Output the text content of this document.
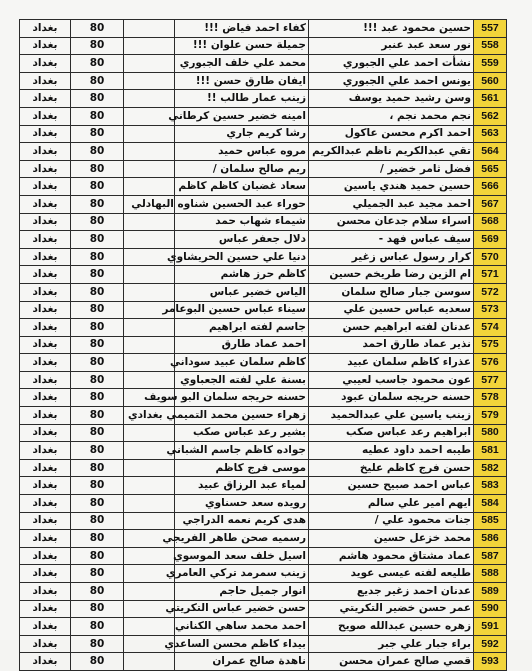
بغداد	80		كفاء احمد فياض !!!	حسين محمود عبد !!!	557
بغداد	80		جميلة حسن علوان !!!	نور سعد عبد عنبر	558
بغداد	80		محمد علي خلف الجبوري	نشأت احمد علي الجبوري	559
بغداد	80		ايفان طارق حسن !!!	يونس احمد علي الجبوري	560
بغداد	80		زينب عمار طالب !!	وسن رشيد حميد يوسف	561
بغداد	80		امينه خضير حسين كرطاني	نجم محمد نجم ،	562
بغداد	80		رشا كريم جاري	احمد اكرم محسن عاكول	563
بغداد	80		مروه عباس حميد	تقي عبدالكريم ناظم عبدالكريم	564
بغداد	80		ريم صالح سلمان /	فضل ثامر خضير /	565
بغداد	80		سعاد غضبان كاظم كاظم	حسين حميد هندي ياسين	566
بغداد	80		حوراء عبد الحسين شناوه البهادلي	احمد مجيد عبد الجميلي	567
بغداد	80		شيماء شهاب حمد	اسراء سلام جدعان محسن	568
بغداد	80		دلال جعفر عباس	سيف عباس فهد -	569
بغداد	80		دنيا علي حسين الحريشاوي	كرار رسول عباس زغير	570
بغداد	80		كاظم حرز هاشم	ام الزين رضا طريخم حسين	571
بغداد	80		الياس خضير عباس	سوسن جبار صالح سلمان	572
بغداد	80		سيناء عباس حسين البوعامر	سعديه عباس حسين علي	573
بغداد	80		جاسم لفته ابراهيم	عدنان لفته ابراهيم حسن	574
بغداد	80		احمد عماد طارق	نذير عماد طارق احمد	575
بغداد	80		كاظم سلمان عبيد سوداني	عذراء كاظم سلمان عبيد	576
بغداد	80		بسنة علي لفته الجعباوي	عون محمود جاسب لعيبي	577
بغداد	80		حسنه حريجه سلمان البو سويف	حسنه حريجه سلمان عبود	578
بغداد	80		زهراء حسين محمد التميمي بغدادي	زينب ياسين علي عبدالحميد	579
بغداد	80		بشير رعد عباس صكب	ابراهيم رعد عباس صكب	580
بغداد	80		جواده كاظم جاسم الشباني	طيبه احمد داود عطيه	581
بغداد	80		موسى فرج كاظم	حسن فرج كاظم عليخ	582
بغداد	80		لمياء عبد الرزاق عبيد	عباس احمد صبيح حسين	583
بغداد	80		رويده سعد حسناوي	ايهم امير علي سالم	584
بغداد	80		هدى كريم نعمه الدراجي	جنات محمود علي /	585
بغداد	80		رسميه صحن طاهر الفريجي	محمد خزعل حسين	586
بغداد	80		اسيل خلف سعد الموسوي	عماد مشتاق محمود هاشم	587
بغداد	80		زينب سمرمد تركي العامري	طليعه لفته عيسى عويد	588
بغداد	80		انوار جميل حاجم	عدنان احمد زغير جديع	589
بغداد	80		حسن خضير عباس التكريتي	عمر حسن خضير التكريتي	590
بغداد	80		احمد محمد ساهي الكناني	زهره حسين عبدالله صويح	591
بغداد	80		بيداء كاظم محسن الساعدي	براء جبار علي جبر	592
بغداد	80		ناهدة صالح عمران	قصي صالح عمران محسن	593
